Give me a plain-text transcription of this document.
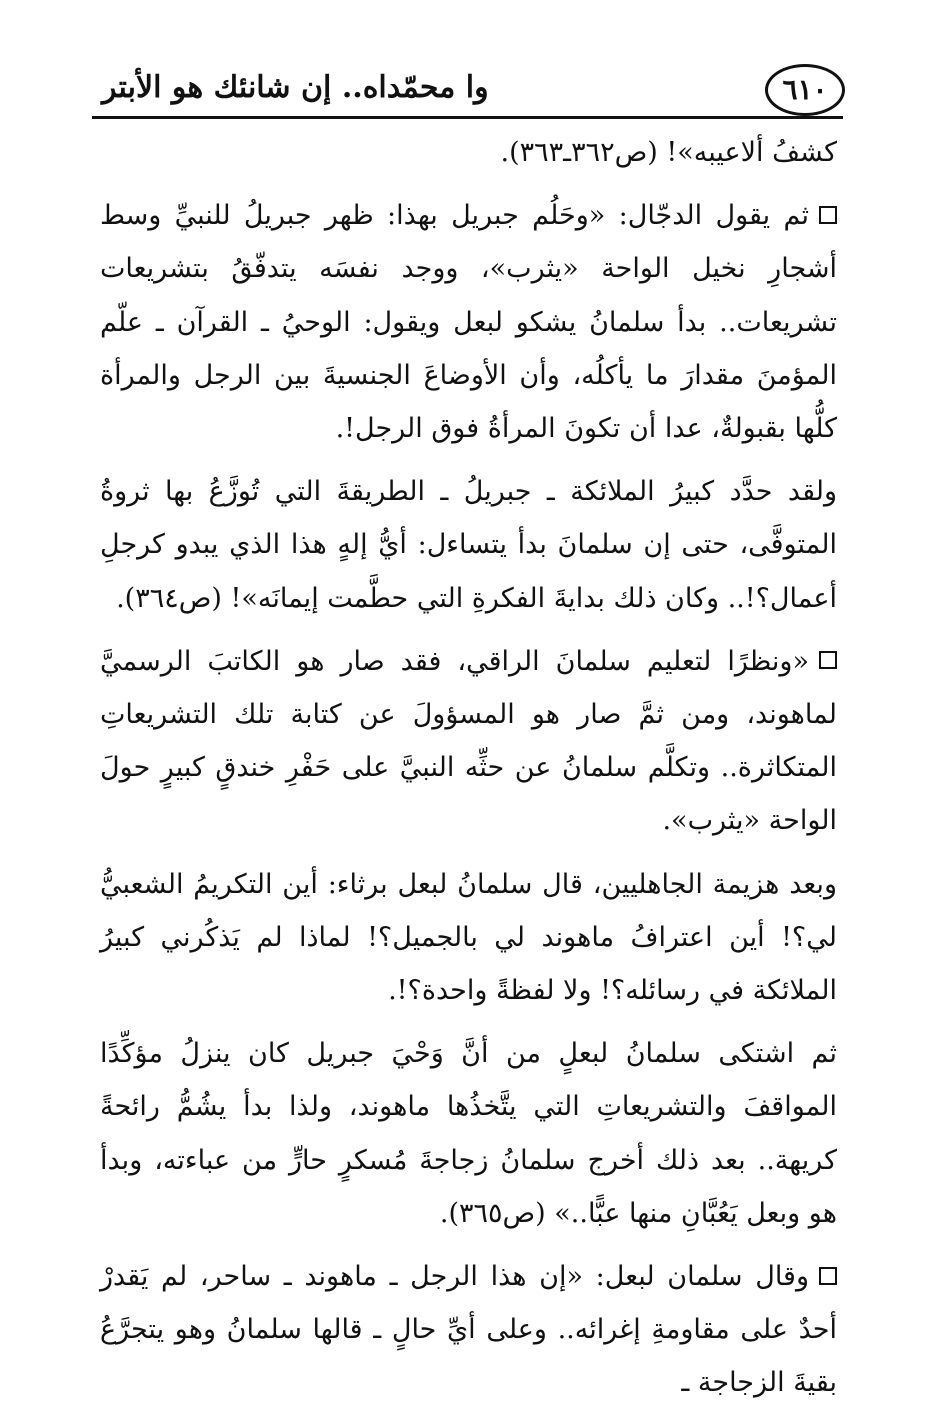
٦١٠
وا محمّداه.. إن شانئك هو الأبتر

كشفُ ألاعيبه»! (ص٣٦٢ـ٣٦٣).

ثم يقول الدجّال: «وحَلُم جبريل بهذا: ظهر جبريلُ للنبيِّ وسط أشجارِ نخيل الواحة «يثرب»، ووجد نفسَه يتدفّقُ بتشريعات تشريعات.. بدأ سلمانُ يشكو لبعل ويقول: الوحيُ ـ القرآن ـ علّم المؤمنَ مقدارَ ما يأكلُه، وأن الأوضاعَ الجنسيةَ بين الرجل والمرأة كلُّها بقبولةٌ، عدا أن تكونَ المرأةُ فوق الرجل!.

ولقد حدَّد كبيرُ الملائكة ـ جبريلُ ـ الطريقةَ التي تُوزَّعُ بها ثروةُ المتوفَّى، حتى إن سلمانَ بدأ يتساءل: أيُّ إلهٍ هذا الذي يبدو كرجلِ أعمال؟!.. وكان ذلك بدايةَ الفكرةِ التي حطَّمت إيمانَه»! (ص٣٦٤).

«ونظرًا لتعليم سلمانَ الراقي، فقد صار هو الكاتبَ الرسميَّ لماهوند، ومن ثمَّ صار هو المسؤولَ عن كتابة تلك التشريعاتِ المتكاثرة.. وتكلَّم سلمانُ عن حثِّه النبيَّ على حَفْرِ خندقٍ كبيرٍ حولَ الواحة «يثرب».

وبعد هزيمة الجاهليين، قال سلمانُ لبعل برثاء: أين التكريمُ الشعبيُّ لي؟! أين اعترافُ ماهوند لي بالجميل؟! لماذا لم يَذكُرني كبيرُ الملائكة في رسائله؟! ولا لفظةً واحدة؟!.

ثم اشتكى سلمانُ لبعلٍ من أنَّ وَحْيَ جبريل كان ينزلُ مؤكِّدًا المواقفَ والتشريعاتِ التي يتَّخذُها ماهوند، ولذا بدأ يشُمُّ رائحةً كريهة.. بعد ذلك أخرج سلمانُ زجاجةَ مُسكرٍ حارٍّ من عباءته، وبدأ هو وبعل يَعُبَّانِ منها عبًّا..» (ص٣٦٥).

وقال سلمان لبعل: «إن هذا الرجل ـ ماهوند ـ ساحر، لم يَقدرْ أحدٌ على مقاومةِ إغرائه.. وعلى أيِّ حالٍ ـ قالها سلمانُ وهو يتجرَّعُ بقيةَ الزجاجة ـ
